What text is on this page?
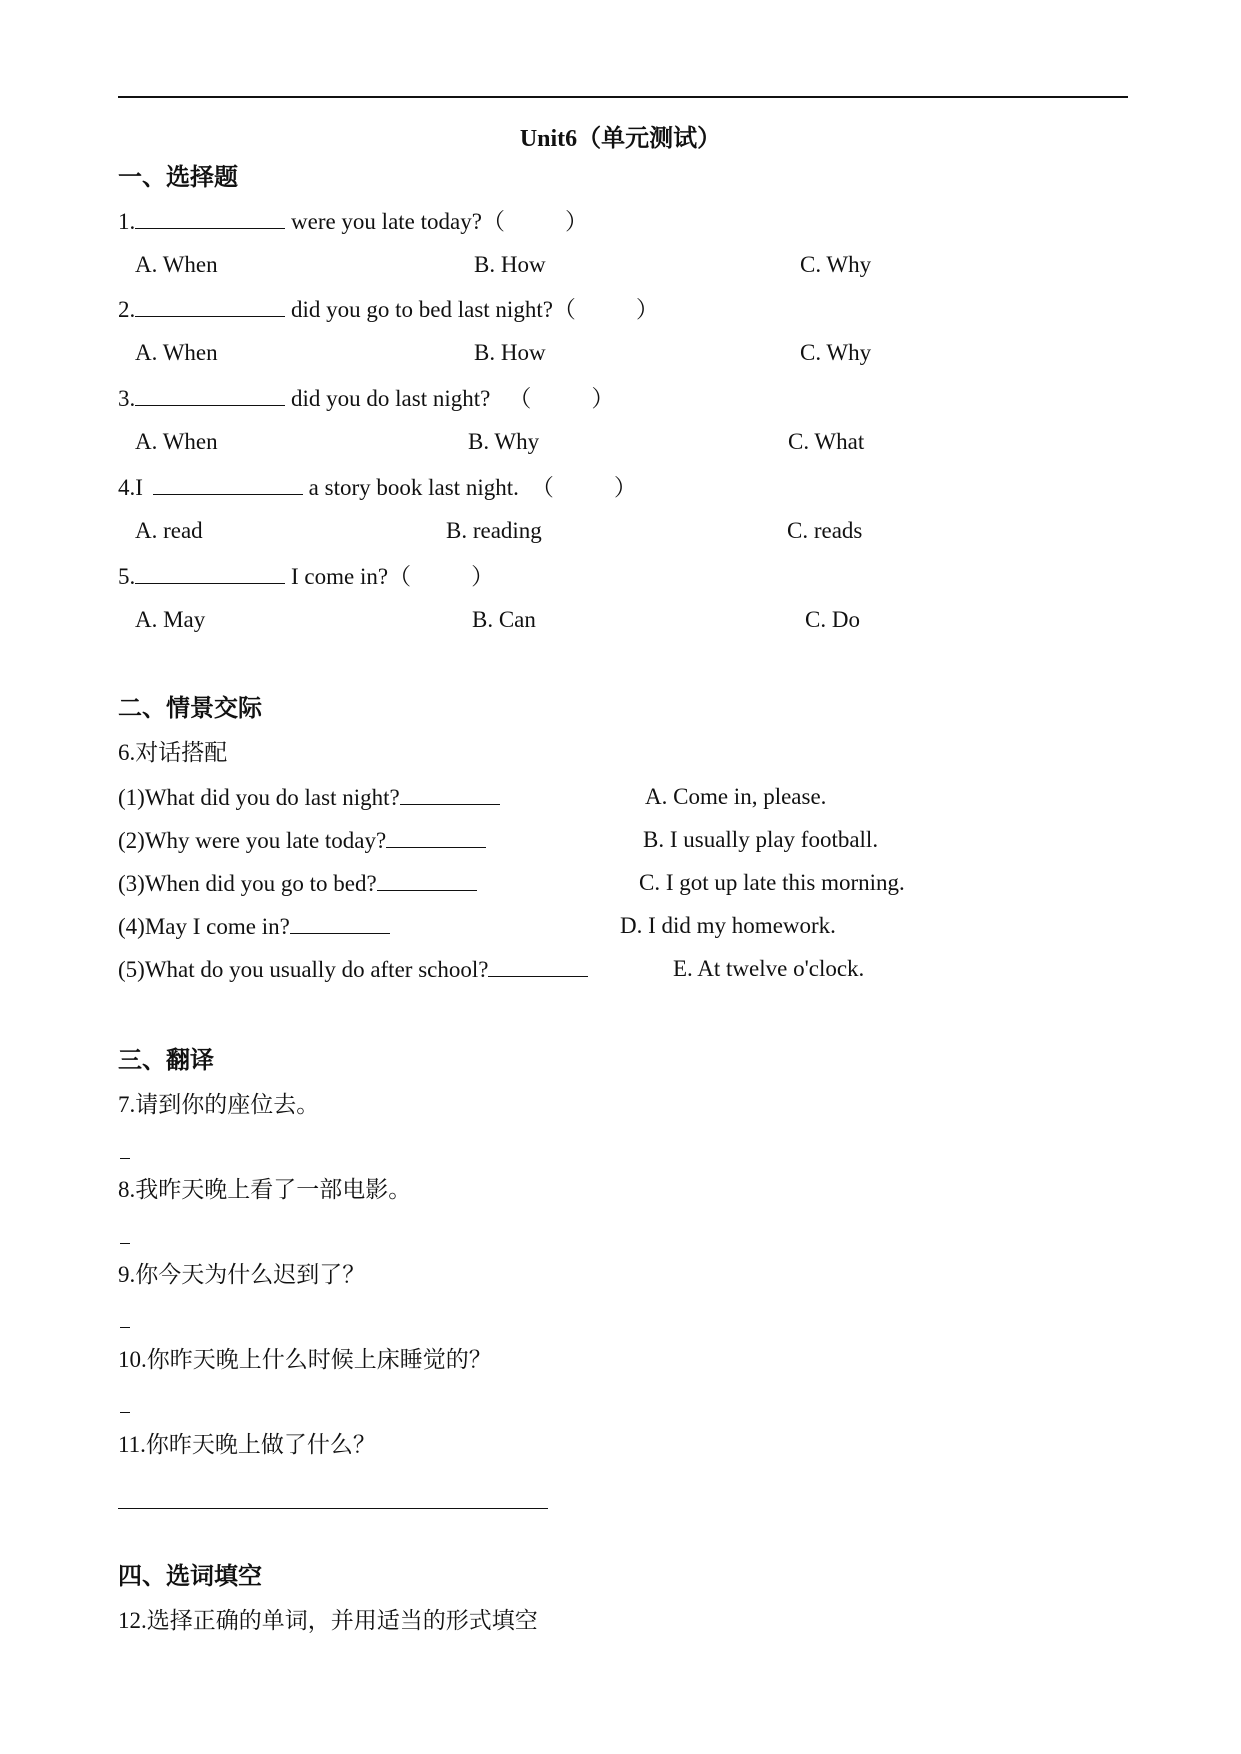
Unit6（单元测试）
一、选择题
1.	were you late today?（	）
A. When	B. How	C. Why
2.	did you go to bed last night?（	）
A. When	B. How	C. Why
3.	did you do last night? （	）
A. When	B. Why	C. What
4.I	a story book last night. （	）
A. read	B. reading	C. reads
5.	I come in?（	）
A. May	B. Can	C. Do
二、情景交际
6.对话搭配
(1)What did you do last night?	A. Come in, please.
(2)Why were you late today?	B. I usually play football.
(3)When did you go to bed?	C. I got up late this morning.
(4)May I come in?	D. I did my homework.
(5)What do you usually do after school?	E. At twelve o'clock.
三、翻译
7.请到你的座位去。
8.我昨天晚上看了一部电影。
9.你今天为什么迟到了？
10.你昨天晚上什么时候上床睡觉的？
11.你昨天晚上做了什么？
四、选词填空
12.选择正确的单词，并用适当的形式填空
